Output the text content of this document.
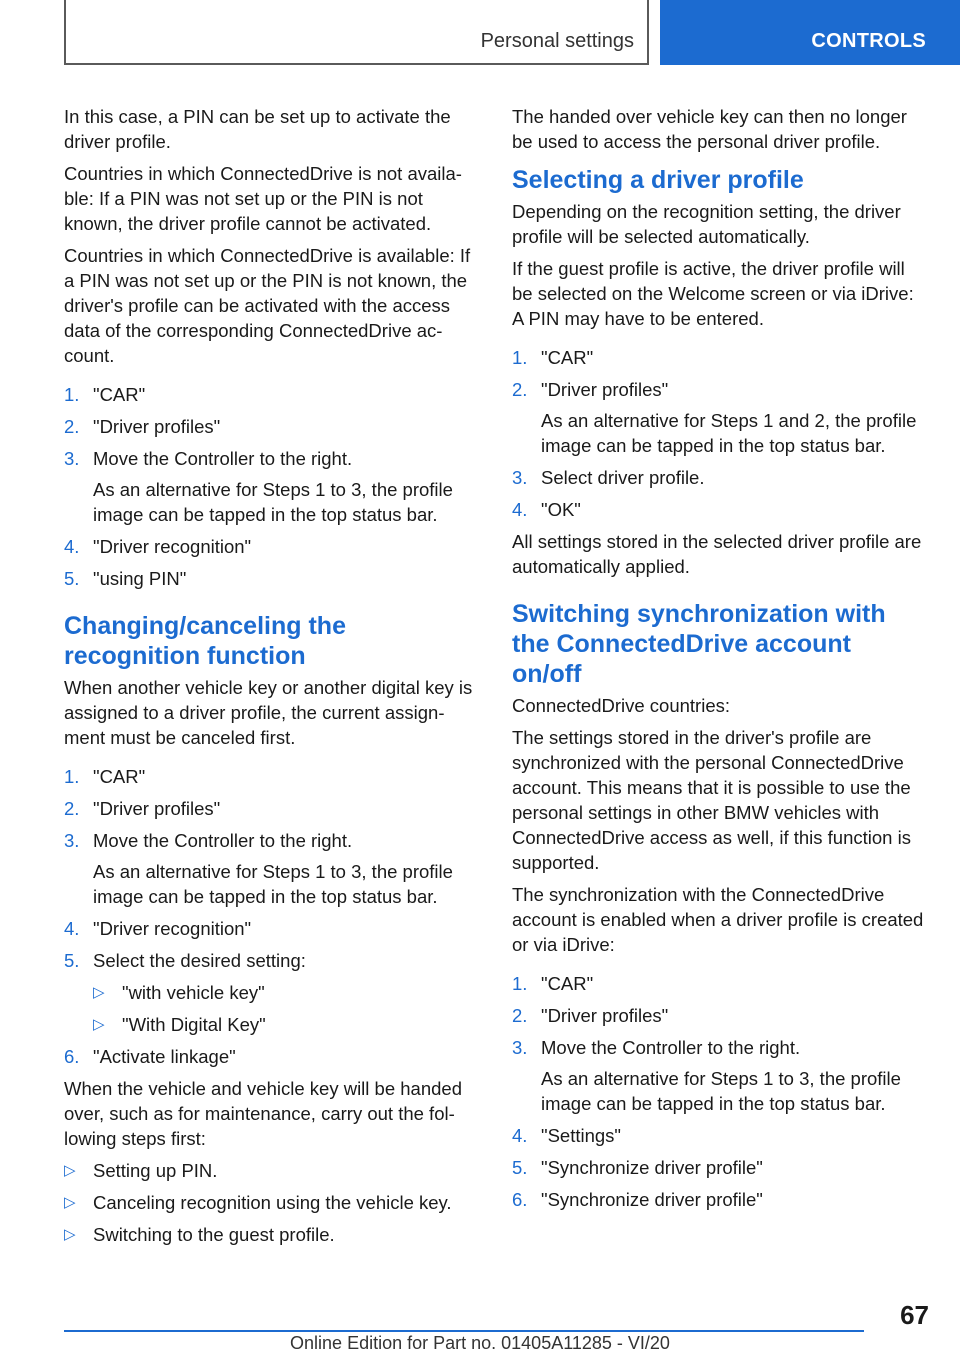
Personal settings	CONTROLS

In this case, a PIN can be set up to activate the driver profile.

Countries in which ConnectedDrive is not available: If a PIN was not set up or the PIN is not known, the driver profile cannot be activated.

Countries in which ConnectedDrive is available: If a PIN was not set up or the PIN is not known, the driver's profile can be activated with the access data of the corresponding ConnectedDrive account.

1. "CAR"
2. "Driver profiles"
3. Move the Controller to the right.
As an alternative for Steps 1 to 3, the profile image can be tapped in the top status bar.
4. "Driver recognition"
5. "using PIN"
Changing/canceling the recognition function

When another vehicle key or another digital key is assigned to a driver profile, the current assignment must be canceled first.

1. "CAR"
2. "Driver profiles"
3. Move the Controller to the right.
As an alternative for Steps 1 to 3, the profile image can be tapped in the top status bar.
4. "Driver recognition"
5. Select the desired setting:
▷ "with vehicle key"
▷ "With Digital Key"
6. "Activate linkage"

When the vehicle and vehicle key will be handed over, such as for maintenance, carry out the following steps first:

▷ Setting up PIN.
▷ Canceling recognition using the vehicle key.
▷ Switching to the guest profile.

The handed over vehicle key can then no longer be used to access the personal driver profile.

Selecting a driver profile

Depending on the recognition setting, the driver profile will be selected automatically.

If the guest profile is active, the driver profile will be selected on the Welcome screen or via iDrive: A PIN may have to be entered.

1. "CAR"
2. "Driver profiles"
As an alternative for Steps 1 and 2, the profile image can be tapped in the top status bar.
3. Select driver profile.
4. "OK"

All settings stored in the selected driver profile are automatically applied.

Switching synchronization with the ConnectedDrive account on/off

ConnectedDrive countries:

The settings stored in the driver's profile are synchronized with the personal ConnectedDrive account. This means that it is possible to use the personal settings in other BMW vehicles with ConnectedDrive access as well, if this function is supported.

The synchronization with the ConnectedDrive account is enabled when a driver profile is created or via iDrive:

1. "CAR"
2. "Driver profiles"
3. Move the Controller to the right.
As an alternative for Steps 1 to 3, the profile image can be tapped in the top status bar.
4. "Settings"
5. "Synchronize driver profile"
6. "Synchronize driver profile"
67
Online Edition for Part no. 01405A11285 - VI/20
